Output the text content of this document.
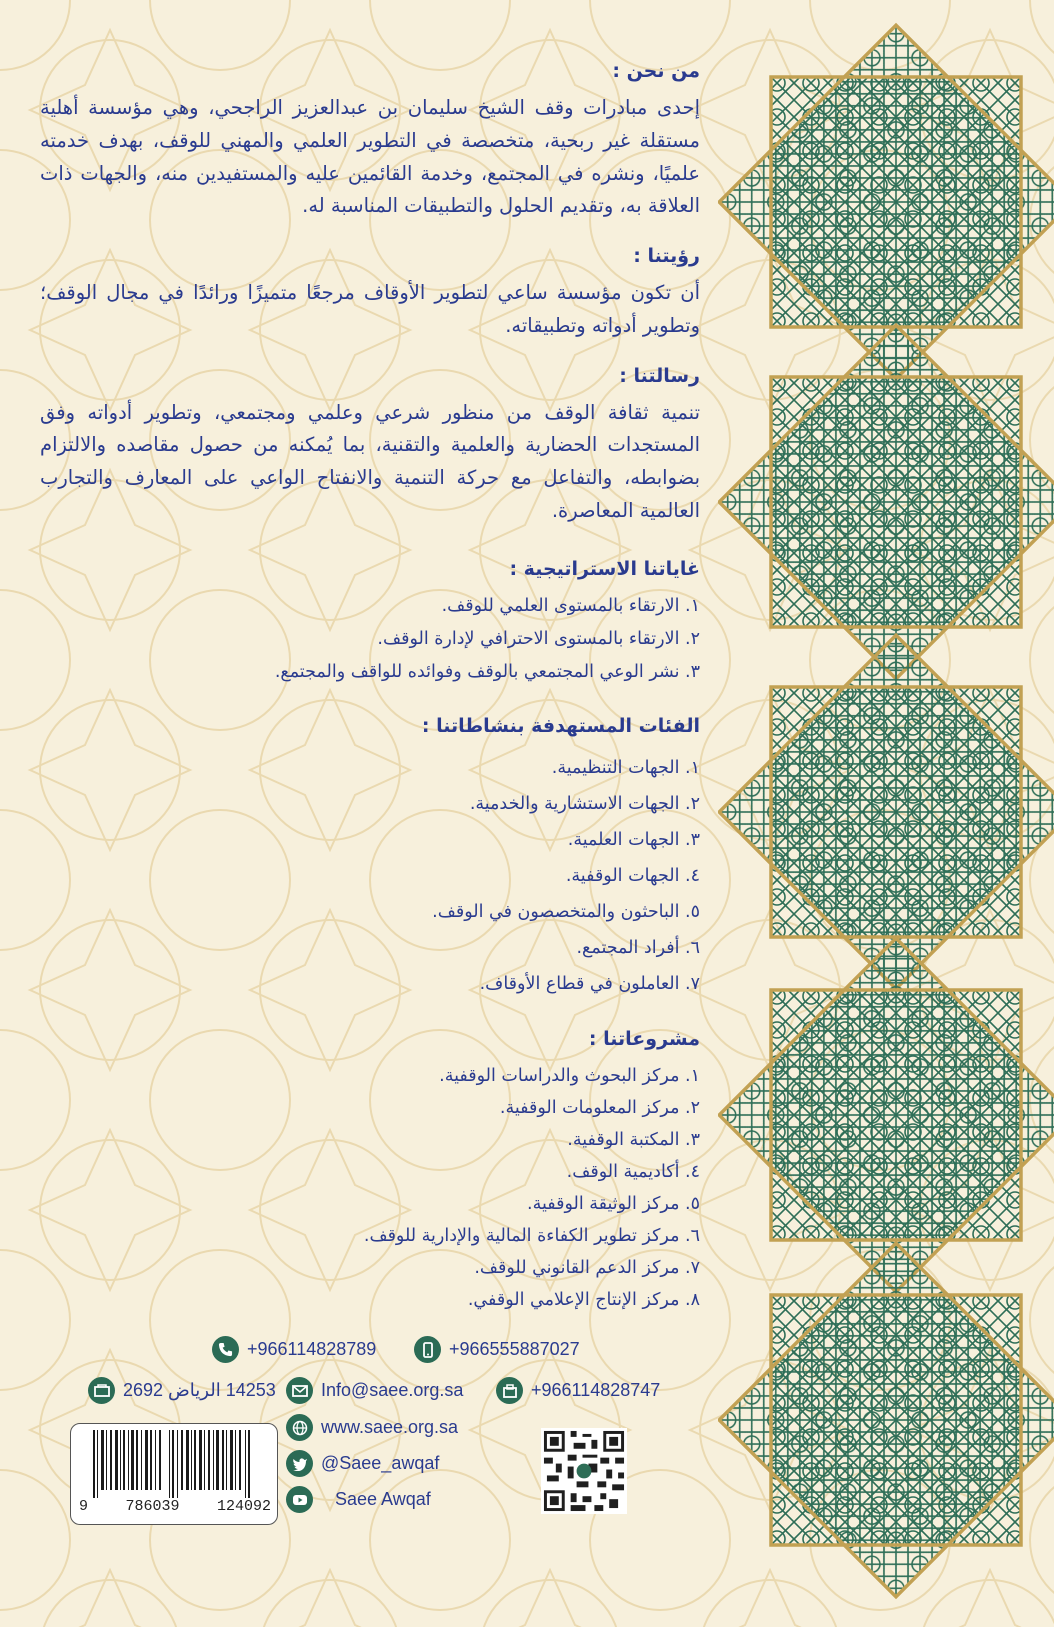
من نحن :

إحدى مبادرات وقف الشيخ سليمان بن عبدالعزيز الراجحي، وهي مؤسسة أهلية مستقلة غير ربحية، متخصصة في التطوير العلمي والمهني للوقف، بهدف خدمته علميًا، ونشره في المجتمع، وخدمة القائمين عليه والمستفيدين منه، والجهات ذات العلاقة به، وتقديم الحلول والتطبيقات المناسبة له.

رؤيتنا :

أن تكون مؤسسة ساعي لتطوير الأوقاف مرجعًا متميزًا ورائدًا في مجال الوقف؛ وتطوير أدواته وتطبيقاته.

رسالتنا :

تنمية ثقافة الوقف من منظور شرعي وعلمي ومجتمعي، وتطوير أدواته وفق المستجدات الحضارية والعلمية والتقنية، بما يُمكنه من حصول مقاصده والالتزام بضوابطه، والتفاعل مع حركة التنمية والانفتاح الواعي على المعارف والتجارب العالمية المعاصرة.

غاياتنا الاستراتيجية :
١. الارتقاء بالمستوى العلمي للوقف.
٢. الارتقاء بالمستوى الاحترافي لإدارة الوقف.
٣. نشر الوعي المجتمعي بالوقف وفوائده للواقف والمجتمع.
الفئات المستهدفة بنشاطاتنا :
١. الجهات التنظيمية.
٢. الجهات الاستشارية والخدمية.
٣. الجهات العلمية.
٤. الجهات الوقفية.
٥. الباحثون والمتخصصون في الوقف.
٦. أفراد المجتمع.
٧. العاملون في قطاع الأوقاف.
مشروعاتنا :
١. مركز البحوث والدراسات الوقفية.
٢. مركز المعلومات الوقفية.
٣. المكتبة الوقفية.
٤. أكاديمية الوقف.
٥. مركز الوثيقة الوقفية.
٦. مركز تطوير الكفاءة المالية والإدارية للوقف.
٧. مركز الدعم القانوني للوقف.
٨. مركز الإنتاج الإعلامي الوقفي.
+966114828789	+966555887027
14253 الرياض 2692	Info@saee.org.sa	+966114828747
www.saee.org.sa
@Saee_awqaf
Saee Awqaf
9 786039 124092
